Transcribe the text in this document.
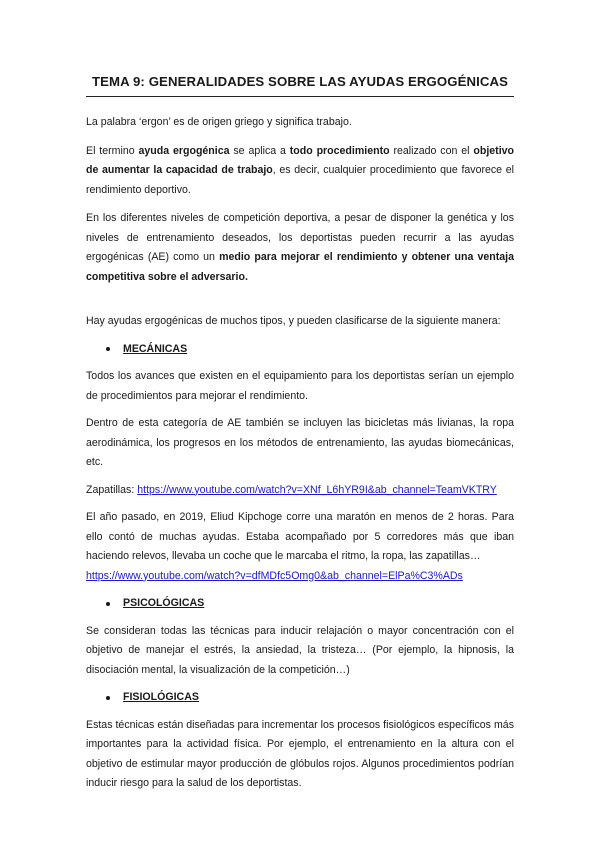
TEMA 9: GENERALIDADES SOBRE LAS AYUDAS ERGOGÉNICAS

La palabra ‘ergon’ es de origen griego y significa trabajo.

El termino ayuda ergogénica se aplica a todo procedimiento realizado con el objetivo de aumentar la capacidad de trabajo, es decir, cualquier procedimiento que favorece el rendimiento deportivo.

En los diferentes niveles de competición deportiva, a pesar de disponer la genética y los niveles de entrenamiento deseados, los deportistas pueden recurrir a las ayudas ergogénicas (AE) como un medio para mejorar el rendimiento y obtener una ventaja competitiva sobre el adversario.

Hay ayudas ergogénicas de muchos tipos, y pueden clasificarse de la siguiente manera:

MECÁNICAS

Todos los avances que existen en el equipamiento para los deportistas serían un ejemplo de procedimientos para mejorar el rendimiento.

Dentro de esta categoría de AE también se incluyen las bicicletas más livianas, la ropa aerodinámica, los progresos en los métodos de entrenamiento, las ayudas biomecánicas, etc.

Zapatillas: https://www.youtube.com/watch?v=XNf_L6hYR9I&ab_channel=TeamVKTRY

El año pasado, en 2019, Eliud Kipchoge corre una maratón en menos de 2 horas. Para ello contó de muchas ayudas. Estaba acompañado por 5 corredores más que iban haciendo relevos, llevaba un coche que le marcaba el ritmo, la ropa, las zapatillas…
https://www.youtube.com/watch?v=dfMDfc5Omg0&ab_channel=ElPa%C3%ADs

PSICOLÓGICAS

Se consideran todas las técnicas para inducir relajación o mayor concentración con el objetivo de manejar el estrés, la ansiedad, la tristeza… (Por ejemplo, la hipnosis, la disociación mental, la visualización de la competición…)

FISIOLÓGICAS

Estas técnicas están diseñadas para incrementar los procesos fisiológicos específicos más importantes para la actividad física. Por ejemplo, el entrenamiento en la altura con el objetivo de estimular mayor producción de glóbulos rojos. Algunos procedimientos podrían inducir riesgo para la salud de los deportistas.
